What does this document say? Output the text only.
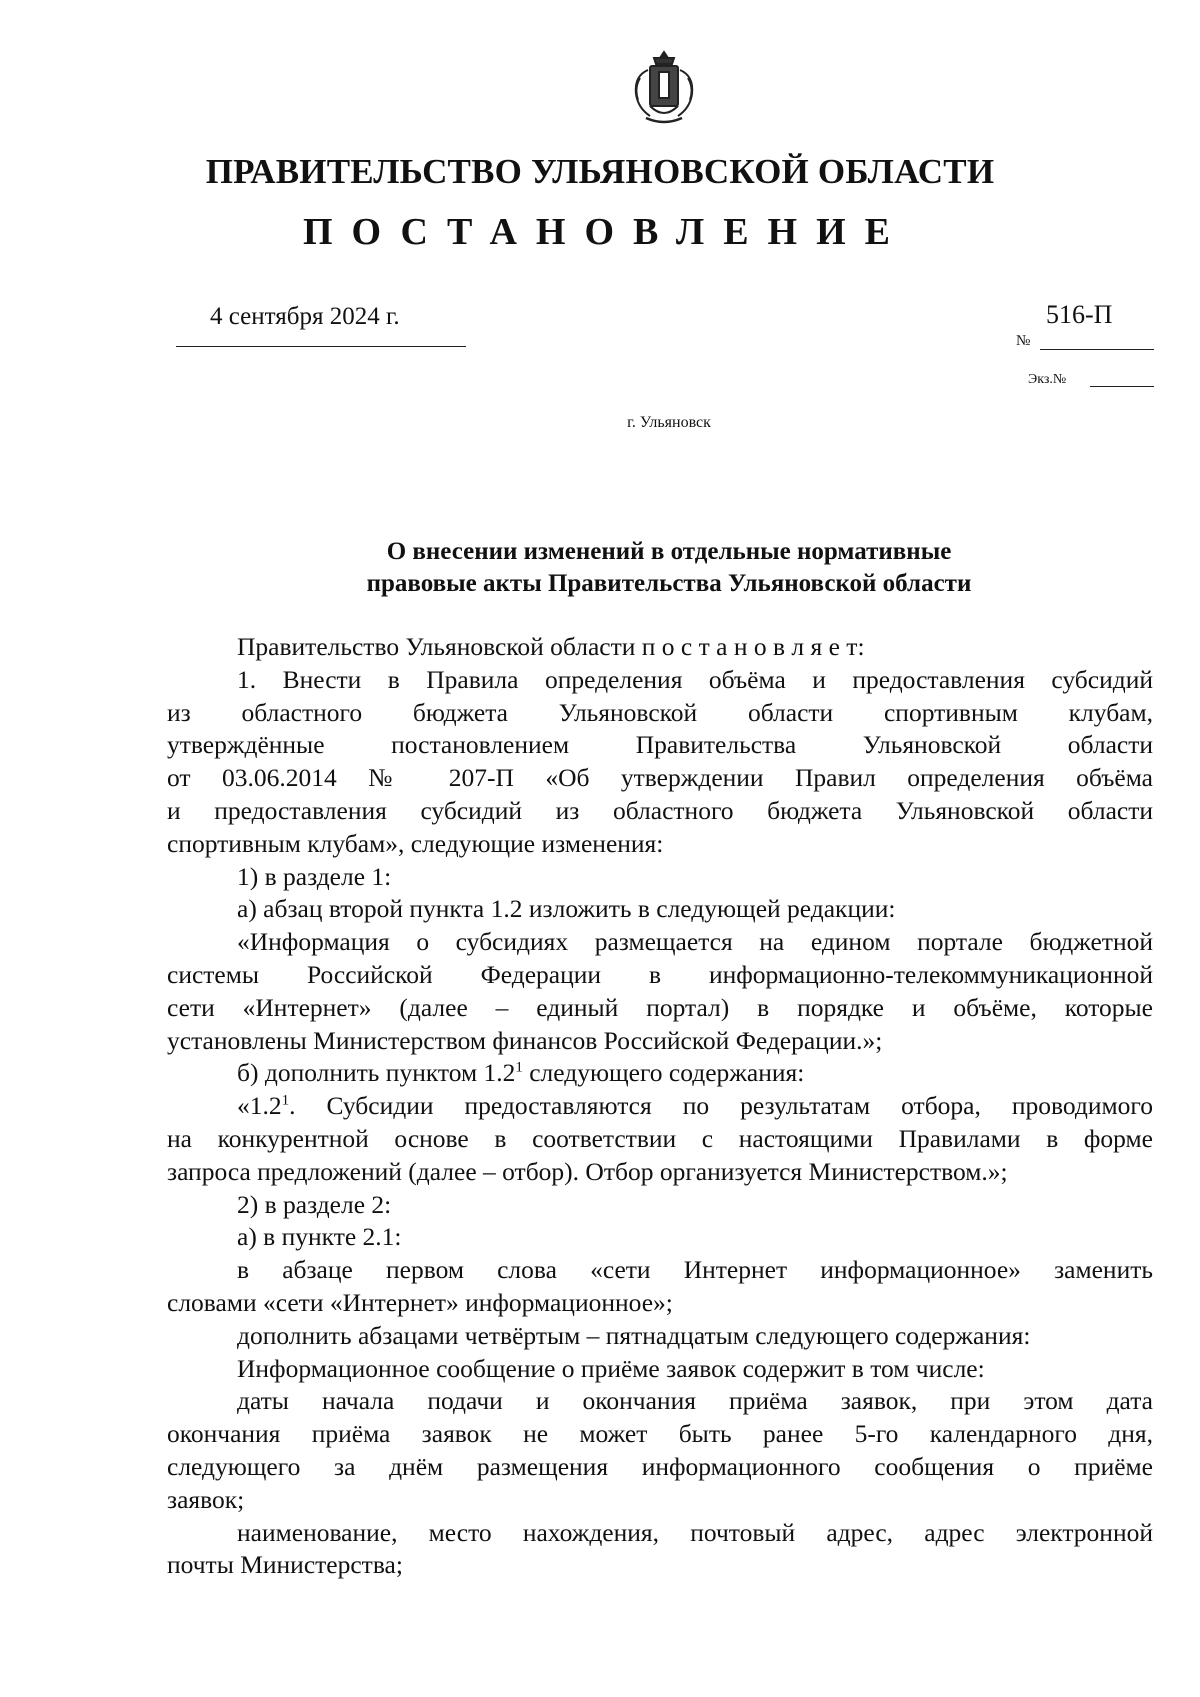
ПРАВИТЕЛЬСТВО УЛЬЯНОВСКОЙ ОБЛАСТИ
ПОСТАНОВЛЕНИЕ
4 сентября 2024 г.	516-П
№
Экз.№
г. Ульяновск
О внесении изменений в отдельные нормативные
правовые акты Правительства Ульяновской области

Правительство Ульяновской области п о с т а н о в л я е т:

1. Внести в Правила определения объёма и предоставления субсидий

из областного бюджета Ульяновской области спортивным клубам,

утверждённые постановлением Правительства Ульяновской области

от 03.06.2014 № 207-П «Об утверждении Правил определения объёма

и предоставления субсидий из областного бюджета Ульяновской области

спортивным клубам», следующие изменения:

1) в разделе 1:

а) абзац второй пункта 1.2 изложить в следующей редакции:

«Информация о субсидиях размещается на едином портале бюджетной

системы Российской Федерации в информационно-телекоммуникационной

сети «Интернет» (далее – единый портал) в порядке и объёме, которые

установлены Министерством финансов Российской Федерации.»;

б) дополнить пунктом $1.2^1$ следующего содержания:

«$1.2^1$. Субсидии предоставляются по результатам отбора, проводимого

на конкурентной основе в соответствии с настоящими Правилами в форме

запроса предложений (далее – отбор). Отбор организуется Министерством.»;

2) в разделе 2:

а) в пункте 2.1:

в абзаце первом слова «сети Интернет информационное» заменить

словами «сети «Интернет» информационное»;

дополнить абзацами четвёртым – пятнадцатым следующего содержания:

Информационное сообщение о приёме заявок содержит в том числе:

даты начала подачи и окончания приёма заявок, при этом дата

окончания приёма заявок не может быть ранее 5-го календарного дня,

следующего за днём размещения информационного сообщения о приёме

заявок;

наименование, место нахождения, почтовый адрес, адрес электронной

почты Министерства;
